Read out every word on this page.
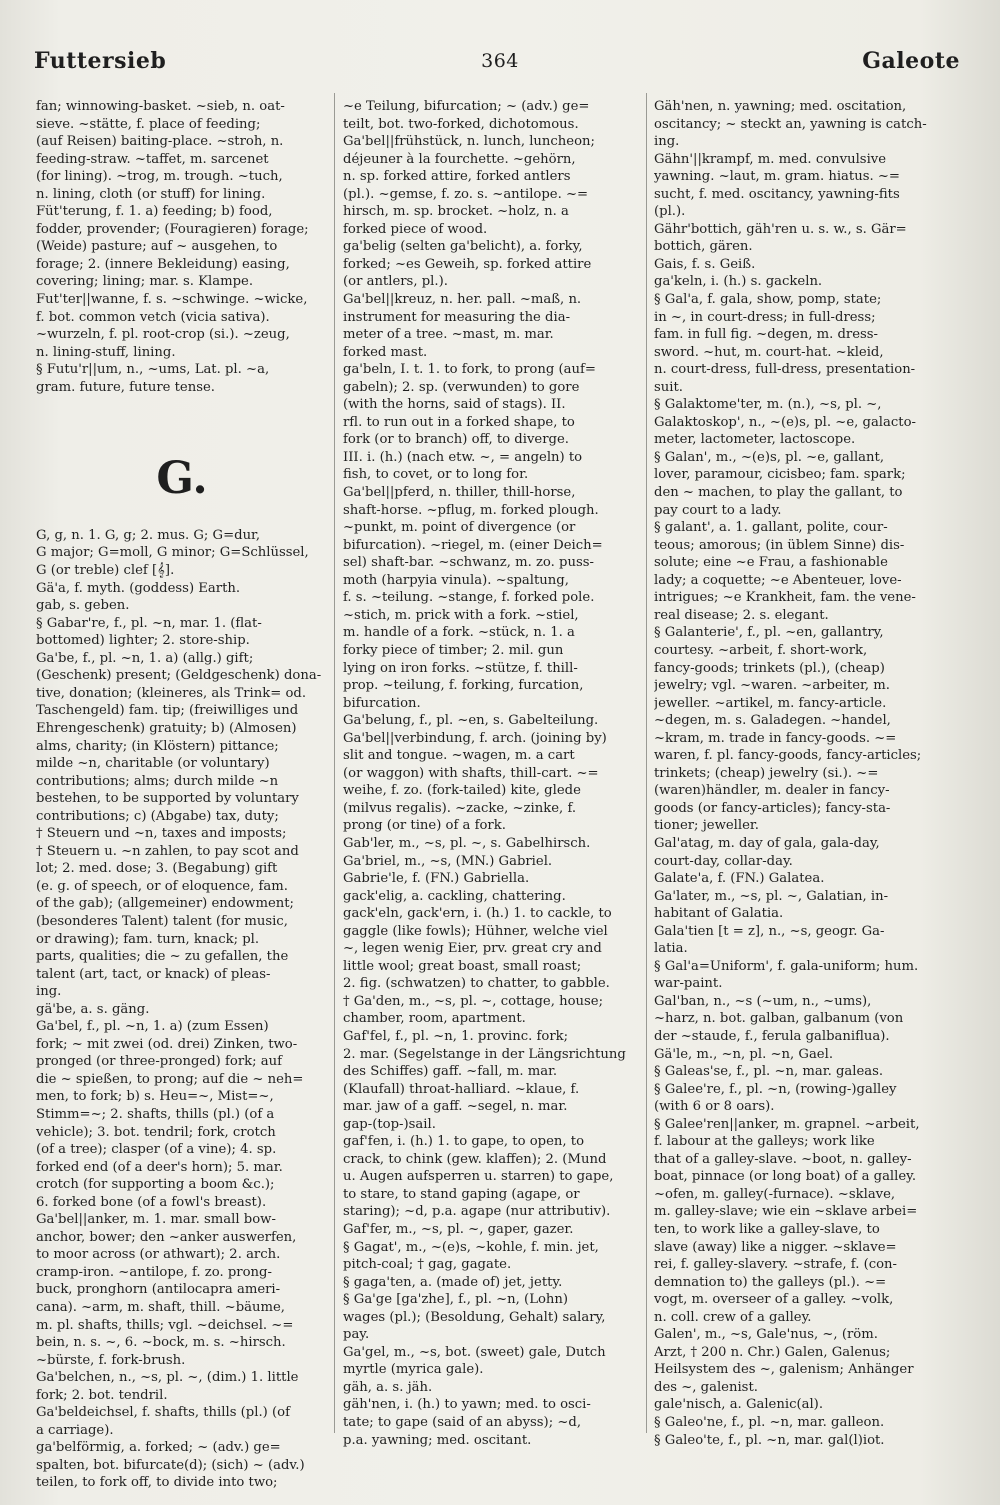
Futtersieb	364	Galeote
fan; winnowing-basket. ~sieb, n. oat-
sieve. ~stätte, f. place of feeding;
(auf Reisen) baiting-place. ~stroh, n.
feeding-straw. ~taffet, m. sarcenet
(for lining). ~trog, m. trough. ~tuch,
n. lining, cloth (or stuff) for lining.
Füt'terung, f. 1. a) feeding; b) food,
fodder, provender; (Fouragieren) forage;
(Weide) pasture; auf ~ ausgehen, to
forage; 2. (innere Bekleidung) easing,
covering; lining; mar. s. Klampe.
Fut'ter||wanne, f. s. ~schwinge. ~wicke,
f. bot. common vetch (vicia sativa).
~wurzeln, f. pl. root-crop (si.). ~zeug,
n. lining-stuff, lining.
§ Futu'r||um, n., ~ums, Lat. pl. ~a,
gram. future, future tense.
G.
G, g, n. 1. G, g; 2. mus. G; G=dur,
G major; G=moll, G minor; G=Schlüssel,
G (or treble) clef [𝄞].
Gä'a, f. myth. (goddess) Earth.
gab, s. geben.
§ Gabar're, f., pl. ~n, mar. 1. (flat-
bottomed) lighter; 2. store-ship.
Ga'be, f., pl. ~n, 1. a) (allg.) gift;
(Geschenk) present; (Geldgeschenk) dona-
tive, donation; (kleineres, als Trink= od.
Taschengeld) fam. tip; (freiwilliges und
Ehrengeschenk) gratuity; b) (Almosen)
alms, charity; (in Klöstern) pittance;
milde ~n, charitable (or voluntary)
contributions; alms; durch milde ~n
bestehen, to be supported by voluntary
contributions; c) (Abgabe) tax, duty;
† Steuern und ~n, taxes and imposts;
† Steuern u. ~n zahlen, to pay scot and
lot; 2. med. dose; 3. (Begabung) gift
(e. g. of speech, or of eloquence, fam.
of the gab); (allgemeiner) endowment;
(besonderes Talent) talent (for music,
or drawing); fam. turn, knack; pl.
parts, qualities; die ~ zu gefallen, the
talent (art, tact, or knack) of pleas-
ing.
gä'be, a. s. gäng.
Ga'bel, f., pl. ~n, 1. a) (zum Essen)
fork; ~ mit zwei (od. drei) Zinken, two-
pronged (or three-pronged) fork; auf
die ~ spießen, to prong; auf die ~ neh=
men, to fork; b) s. Heu=~, Mist=~,
Stimm=~; 2. shafts, thills (pl.) (of a
vehicle); 3. bot. tendril; fork, crotch
(of a tree); clasper (of a vine); 4. sp.
forked end (of a deer's horn); 5. mar.
crotch (for supporting a boom &c.);
6. forked bone (of a fowl's breast).
Ga'bel||anker, m. 1. mar. small bow-
anchor, bower; den ~anker auswerfen,
to moor across (or athwart); 2. arch.
cramp-iron. ~antilope, f. zo. prong-
buck, pronghorn (antilocapra ameri-
cana). ~arm, m. shaft, thill. ~bäume,
m. pl. shafts, thills; vgl. ~deichsel. ~=
bein, n. s. ~, 6. ~bock, m. s. ~hirsch.
~bürste, f. fork-brush.
Ga'belchen, n., ~s, pl. ~, (dim.) 1. little
fork; 2. bot. tendril.
Ga'beldeichsel, f. shafts, thills (pl.) (of
a carriage).
ga'belförmig, a. forked; ~ (adv.) ge=
spalten, bot. bifurcate(d); (sich) ~ (adv.)
teilen, to fork off, to divide into two;
~e Teilung, bifurcation; ~ (adv.) ge=
teilt, bot. two-forked, dichotomous.
Ga'bel||frühstück, n. lunch, luncheon;
déjeuner à la fourchette. ~gehörn,
n. sp. forked attire, forked antlers
(pl.). ~gemse, f. zo. s. ~antilope. ~=
hirsch, m. sp. brocket. ~holz, n. a
forked piece of wood.
ga'belig (selten ga'belicht), a. forky,
forked; ~es Geweih, sp. forked attire
(or antlers, pl.).
Ga'bel||kreuz, n. her. pall. ~maß, n.
instrument for measuring the dia-
meter of a tree. ~mast, m. mar.
forked mast.
ga'beln, I. t. 1. to fork, to prong (auf=
gabeln); 2. sp. (verwunden) to gore
(with the horns, said of stags). II.
rfl. to run out in a forked shape, to
fork (or to branch) off, to diverge.
III. i. (h.) (nach etw. ~, = angeln) to
fish, to covet, or to long for.
Ga'bel||pferd, n. thiller, thill-horse,
shaft-horse. ~pflug, m. forked plough.
~punkt, m. point of divergence (or
bifurcation). ~riegel, m. (einer Deich=
sel) shaft-bar. ~schwanz, m. zo. puss-
moth (harpyia vinula). ~spaltung,
f. s. ~teilung. ~stange, f. forked pole.
~stich, m. prick with a fork. ~stiel,
m. handle of a fork. ~stück, n. 1. a
forky piece of timber; 2. mil. gun
lying on iron forks. ~stütze, f. thill-
prop. ~teilung, f. forking, furcation,
bifurcation.
Ga'belung, f., pl. ~en, s. Gabelteilung.
Ga'bel||verbindung, f. arch. (joining by)
slit and tongue. ~wagen, m. a cart
(or waggon) with shafts, thill-cart. ~=
weihe, f. zo. (fork-tailed) kite, glede
(milvus regalis). ~zacke, ~zinke, f.
prong (or tine) of a fork.
Gab'ler, m., ~s, pl. ~, s. Gabelhirsch.
Ga'briel, m., ~s, (MN.) Gabriel.
Gabrie'le, f. (FN.) Gabriella.
gack'elig, a. cackling, chattering.
gack'eln, gack'ern, i. (h.) 1. to cackle, to
gaggle (like fowls); Hühner, welche viel
~, legen wenig Eier, prv. great cry and
little wool; great boast, small roast;
2. fig. (schwatzen) to chatter, to gabble.
† Ga'den, m., ~s, pl. ~, cottage, house;
chamber, room, apartment.
Gaf'fel, f., pl. ~n, 1. provinc. fork;
2. mar. (Segelstange in der Längsrichtung
des Schiffes) gaff. ~fall, m. mar.
(Klaufall) throat-halliard. ~klaue, f.
mar. jaw of a gaff. ~segel, n. mar.
gap-(top-)sail.
gaf'fen, i. (h.) 1. to gape, to open, to
crack, to chink (gew. klaffen); 2. (Mund
u. Augen aufsperren u. starren) to gape,
to stare, to stand gaping (agape, or
staring); ~d, p.a. agape (nur attributiv).
Gaf'fer, m., ~s, pl. ~, gaper, gazer.
§ Gagat', m., ~(e)s, ~kohle, f. min. jet,
pitch-coal; † gag, gagate.
§ gaga'ten, a. (made of) jet, jetty.
§ Ga'ge [ga'zhe], f., pl. ~n, (Lohn)
wages (pl.); (Besoldung, Gehalt) salary,
pay.
Ga'gel, m., ~s, bot. (sweet) gale, Dutch
myrtle (myrica gale).
gäh, a. s. jäh.
gäh'nen, i. (h.) to yawn; med. to osci-
tate; to gape (said of an abyss); ~d,
p.a. yawning; med. oscitant.
Gäh'nen, n. yawning; med. oscitation,
oscitancy; ~ steckt an, yawning is catch-
ing.
Gähn'||krampf, m. med. convulsive
yawning. ~laut, m. gram. hiatus. ~=
sucht, f. med. oscitancy, yawning-fits
(pl.).
Gähr'bottich, gäh'ren u. s. w., s. Gär=
bottich, gären.
Gais, f. s. Geiß.
ga'keln, i. (h.) s. gackeln.
§ Gal'a, f. gala, show, pomp, state;
in ~, in court-dress; in full-dress;
fam. in full fig. ~degen, m. dress-
sword. ~hut, m. court-hat. ~kleid,
n. court-dress, full-dress, presentation-
suit.
§ Galaktome'ter, m. (n.), ~s, pl. ~,
Galaktoskop', n., ~(e)s, pl. ~e, galacto-
meter, lactometer, lactoscope.
§ Galan', m., ~(e)s, pl. ~e, gallant,
lover, paramour, cicisbeo; fam. spark;
den ~ machen, to play the gallant, to
pay court to a lady.
§ galant', a. 1. gallant, polite, cour-
teous; amorous; (in üblem Sinne) dis-
solute; eine ~e Frau, a fashionable
lady; a coquette; ~e Abenteuer, love-
intrigues; ~e Krankheit, fam. the vene-
real disease; 2. s. elegant.
§ Galanterie', f., pl. ~en, gallantry,
courtesy. ~arbeit, f. short-work,
fancy-goods; trinkets (pl.), (cheap)
jewelry; vgl. ~waren. ~arbeiter, m.
jeweller. ~artikel, m. fancy-article.
~degen, m. s. Galadegen. ~handel,
~kram, m. trade in fancy-goods. ~=
waren, f. pl. fancy-goods, fancy-articles;
trinkets; (cheap) jewelry (si.). ~=
(waren)händler, m. dealer in fancy-
goods (or fancy-articles); fancy-sta-
tioner; jeweller.
Gal'atag, m. day of gala, gala-day,
court-day, collar-day.
Galate'a, f. (FN.) Galatea.
Ga'later, m., ~s, pl. ~, Galatian, in-
habitant of Galatia.
Gala'tien [t = z], n., ~s, geogr. Ga-
latia.
§ Gal'a=Uniform', f. gala-uniform; hum.
war-paint.
Gal'ban, n., ~s (~um, n., ~ums),
~harz, n. bot. galban, galbanum (von
der ~staude, f., ferula galbaniflua).
Gä'le, m., ~n, pl. ~n, Gael.
§ Galeas'se, f., pl. ~n, mar. galeas.
§ Galee're, f., pl. ~n, (rowing-)galley
(with 6 or 8 oars).
§ Galee'ren||anker, m. grapnel. ~arbeit,
f. labour at the galleys; work like
that of a galley-slave. ~boot, n. galley-
boat, pinnace (or long boat) of a galley.
~ofen, m. galley(-furnace). ~sklave,
m. galley-slave; wie ein ~sklave arbei=
ten, to work like a galley-slave, to
slave (away) like a nigger. ~sklave=
rei, f. galley-slavery. ~strafe, f. (con-
demnation to) the galleys (pl.). ~=
vogt, m. overseer of a galley. ~volk,
n. coll. crew of a galley.
Galen', m., ~s, Gale'nus, ~, (röm.
Arzt, † 200 n. Chr.) Galen, Galenus;
Heilsystem des ~, galenism; Anhänger
des ~, galenist.
gale'nisch, a. Galenic(al).
§ Galeo'ne, f., pl. ~n, mar. galleon.
§ Galeo'te, f., pl. ~n, mar. gal(l)iot.
